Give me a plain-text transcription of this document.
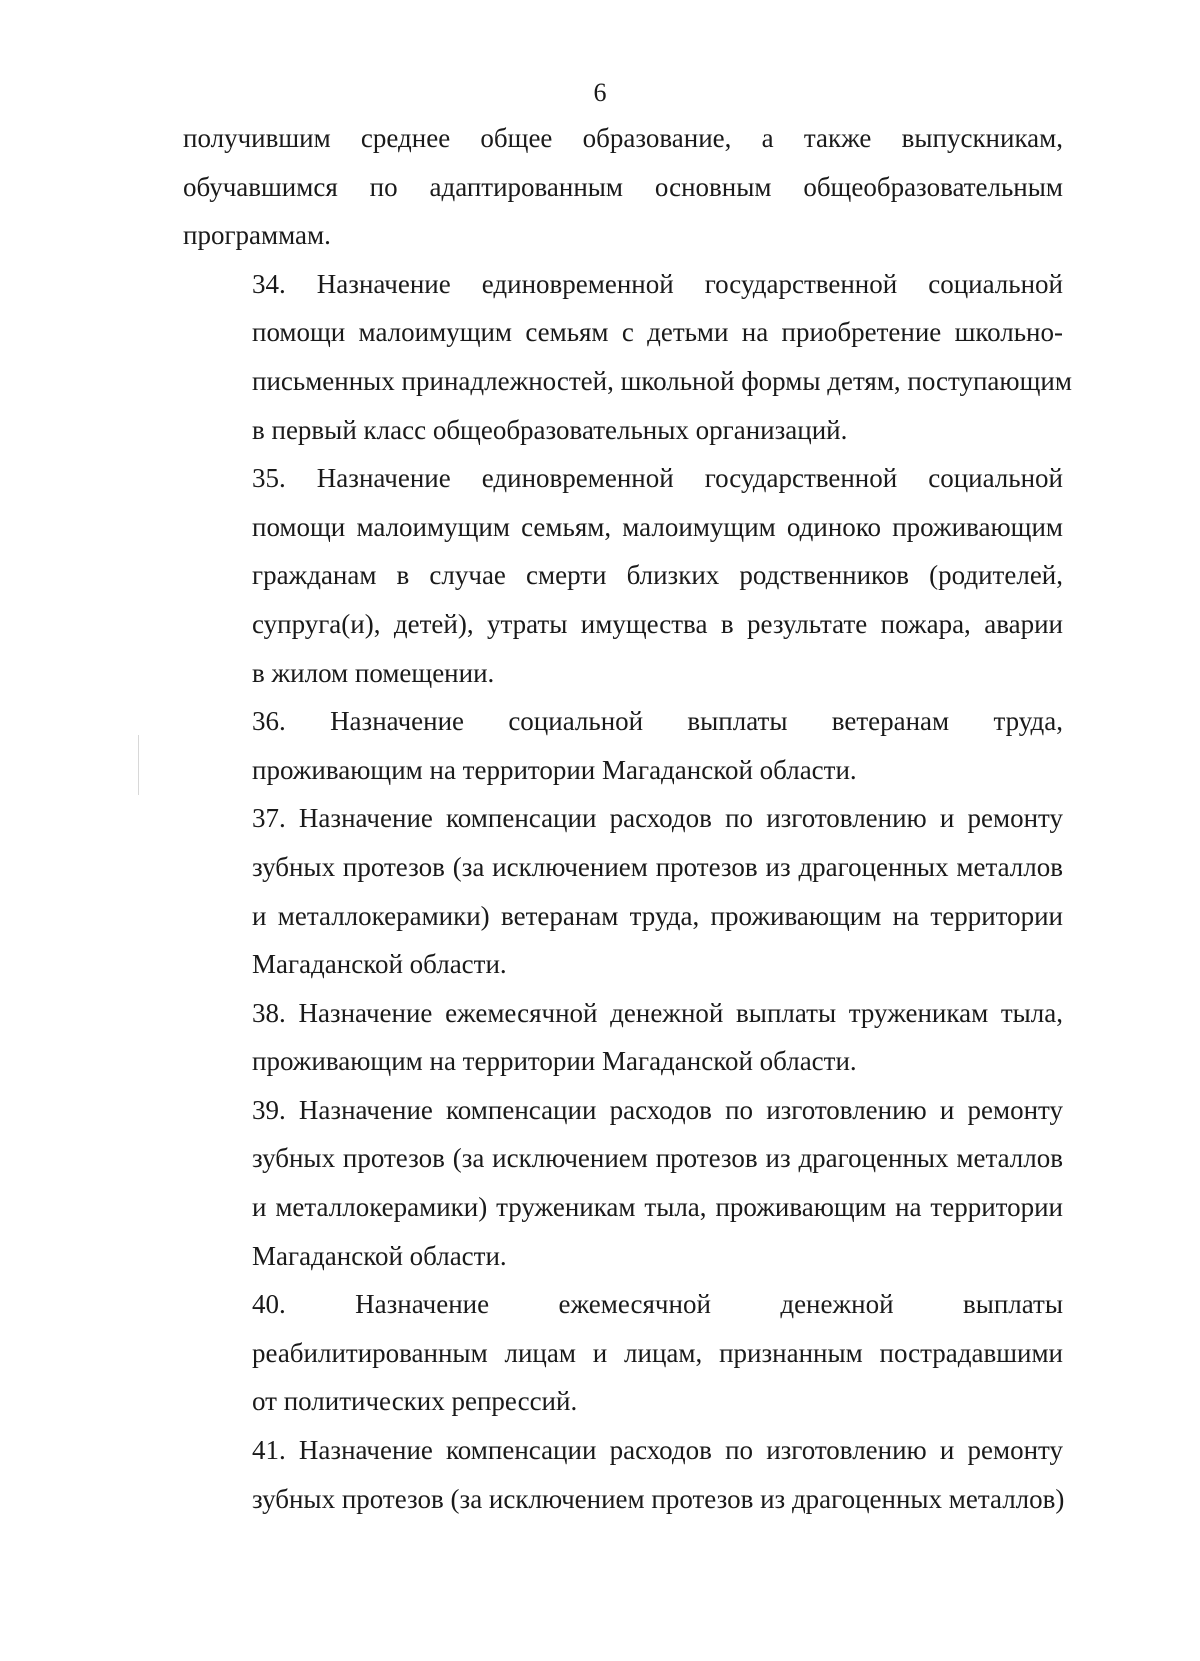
6
получившим среднее общее образование, а также выпускникам,
обучавшимся по адаптированным основным общеобразовательным
программам.
34. Назначение единовременной государственной социальной
помощи малоимущим семьям с детьми на приобретение школьно-
письменных принадлежностей, школьной формы детям, поступающим
в первый класс общеобразовательных организаций.
35. Назначение единовременной государственной социальной
помощи малоимущим семьям, малоимущим одиноко проживающим
гражданам в случае смерти близких родственников (родителей,
супруга(и), детей), утраты имущества в результате пожара, аварии
в жилом помещении.
36. Назначение социальной выплаты ветеранам труда,
проживающим на территории Магаданской области.
37. Назначение компенсации расходов по изготовлению и ремонту
зубных протезов (за исключением протезов из драгоценных металлов
и металлокерамики) ветеранам труда, проживающим на территории
Магаданской области.
38. Назначение ежемесячной денежной выплаты труженикам тыла,
проживающим на территории Магаданской области.
39. Назначение компенсации расходов по изготовлению и ремонту
зубных протезов (за исключением протезов из драгоценных металлов
и металлокерамики) труженикам тыла, проживающим на территории
Магаданской области.
40. Назначение ежемесячной денежной выплаты
реабилитированным лицам и лицам, признанным пострадавшими
от политических репрессий.
41. Назначение компенсации расходов по изготовлению и ремонту
зубных протезов (за исключением протезов из драгоценных металлов)
